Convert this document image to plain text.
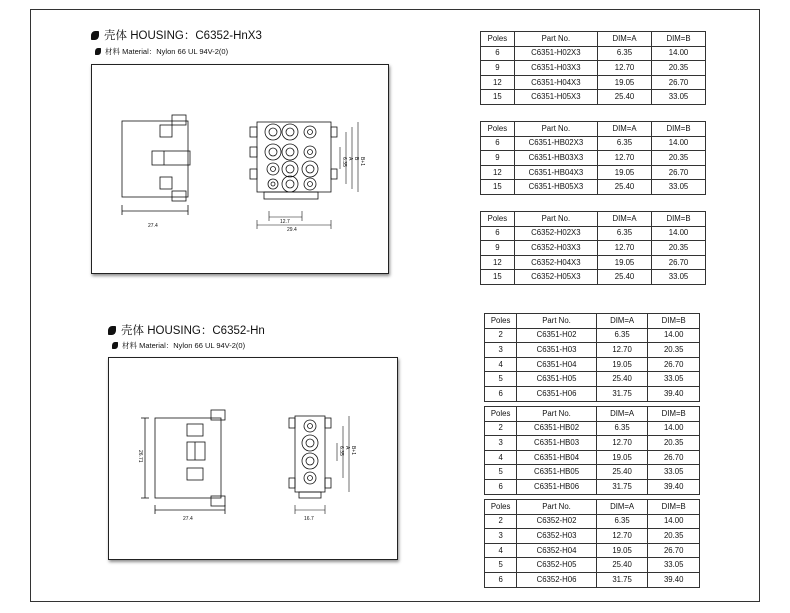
壳体 HOUSING：C6352-HnX3
材料 Material：Nylon 66 UL 94V-2(0)
27.4
12.7
29.4
6.35 A B B+1
壳体 HOUSING：C6352-Hn
材料 Material：Nylon 66 UL 94V-2(0)
26.71
27.4	16.7
6.35 A B+1
Poles	Part No.	DIM=A	DIM=B
6	C6351-H02X3	6.35	14.00
9	C6351-H03X3	12.70	20.35
12	C6351-H04X3	19.05	26.70
15	C6351-H05X3	25.40	33.05
Poles	Part No.	DIM=A	DIM=B
6	C6351-HB02X3	6.35	14.00
9	C6351-HB03X3	12.70	20.35
12	C6351-HB04X3	19.05	26.70
15	C6351-HB05X3	25.40	33.05
Poles	Part No.	DIM=A	DIM=B
6	C6352-H02X3	6.35	14.00
9	C6352-H03X3	12.70	20.35
12	C6352-H04X3	19.05	26.70
15	C6352-H05X3	25.40	33.05
Poles	Part No.	DIM=A	DIM=B
2	C6351-H02	6.35	14.00
3	C6351-H03	12.70	20.35
4	C6351-H04	19.05	26.70
5	C6351-H05	25.40	33.05
6	C6351-H06	31.75	39.40
Poles	Part No.	DIM=A	DIM=B
2	C6351-HB02	6.35	14.00
3	C6351-HB03	12.70	20.35
4	C6351-HB04	19.05	26.70
5	C6351-HB05	25.40	33.05
6	C6351-HB06	31.75	39.40
Poles	Part No.	DIM=A	DIM=B
2	C6352-H02	6.35	14.00
3	C6352-H03	12.70	20.35
4	C6352-H04	19.05	26.70
5	C6352-H05	25.40	33.05
6	C6352-H06	31.75	39.40
